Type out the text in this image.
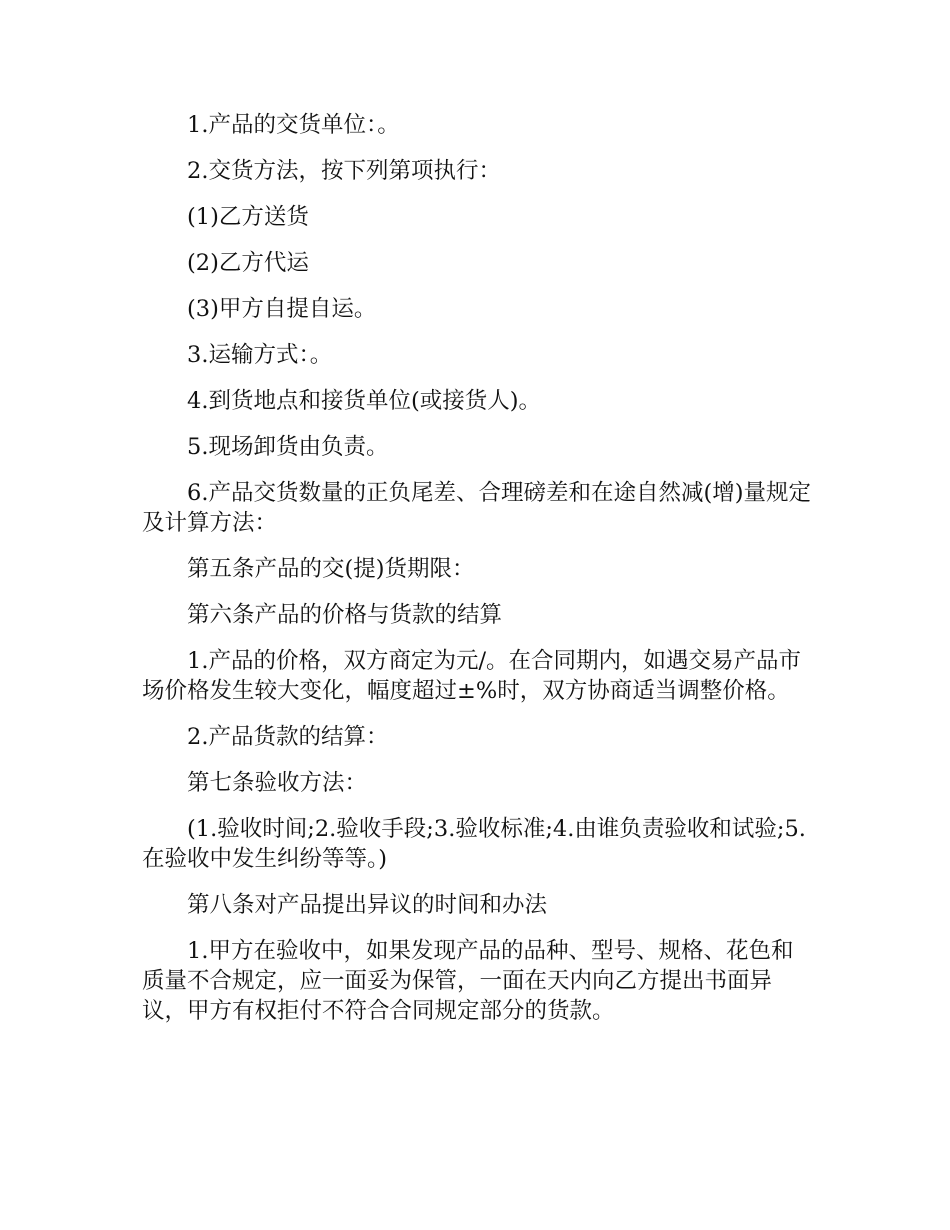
1.产品的交货单位：。

2.交货方法，按下列第项执行：

(1)乙方送货

(2)乙方代运

(3)甲方自提自运。

3.运输方式：。

4.到货地点和接货单位(或接货人)。

5.现场卸货由负责。

6.产品交货数量的正负尾差、合理磅差和在途自然减(增)量规定及计算方法：

第五条产品的交(提)货期限：

第六条产品的价格与货款的结算

1.产品的价格，双方商定为元/。在合同期内，如遇交易产品市场价格发生较大变化，幅度超过±%时，双方协商适当调整价格。

2.产品货款的结算：

第七条验收方法：

(1.验收时间;2.验收手段;3.验收标准;4.由谁负责验收和试验;5.在验收中发生纠纷等等。)

第八条对产品提出异议的时间和办法

1.甲方在验收中，如果发现产品的品种、型号、规格、花色和质量不合规定，应一面妥为保管，一面在天内向乙方提出书面异议，甲方有权拒付不符合合同规定部分的货款。
